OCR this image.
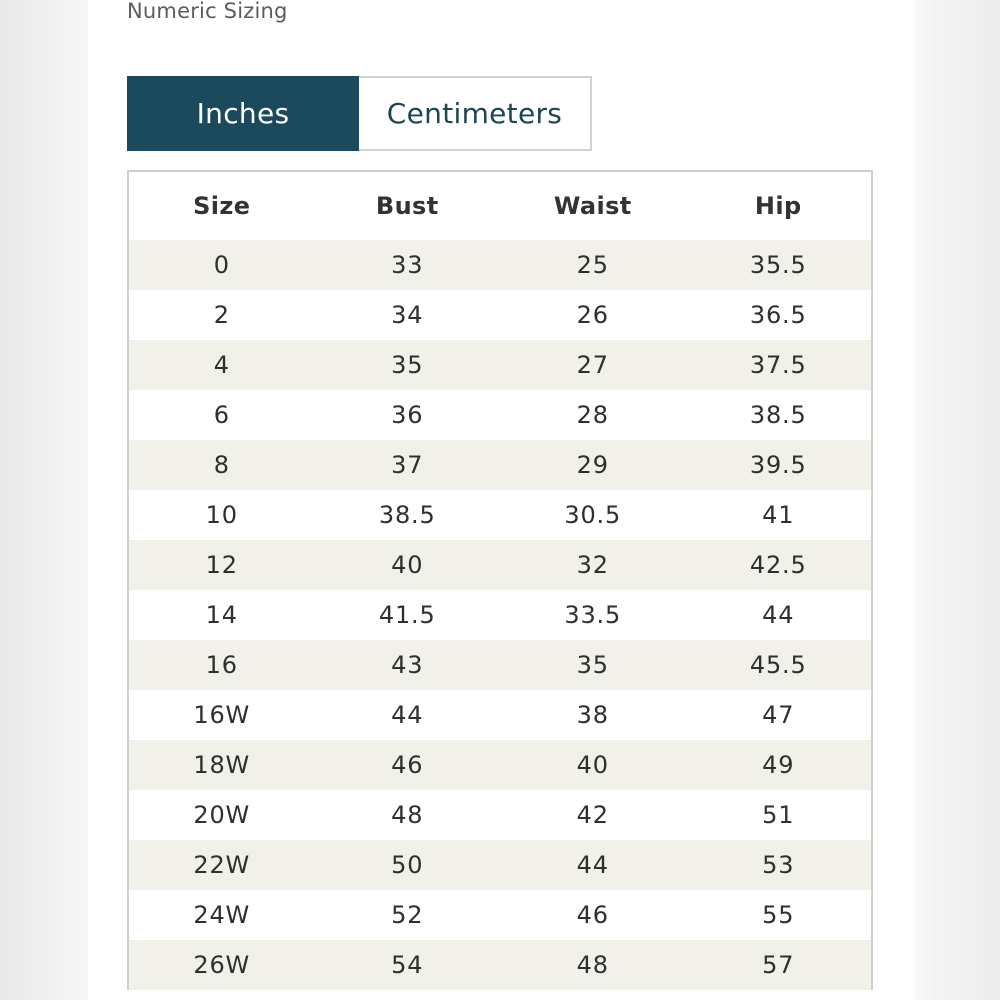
Numeric Sizing
Inches	Centimeters
Size	Bust	Waist	Hip
0	33	25	35.5
2	34	26	36.5
4	35	27	37.5
6	36	28	38.5
8	37	29	39.5
10	38.5	30.5	41
12	40	32	42.5
14	41.5	33.5	44
16	43	35	45.5
16W	44	38	47
18W	46	40	49
20W	48	42	51
22W	50	44	53
24W	52	46	55
26W	54	48	57
